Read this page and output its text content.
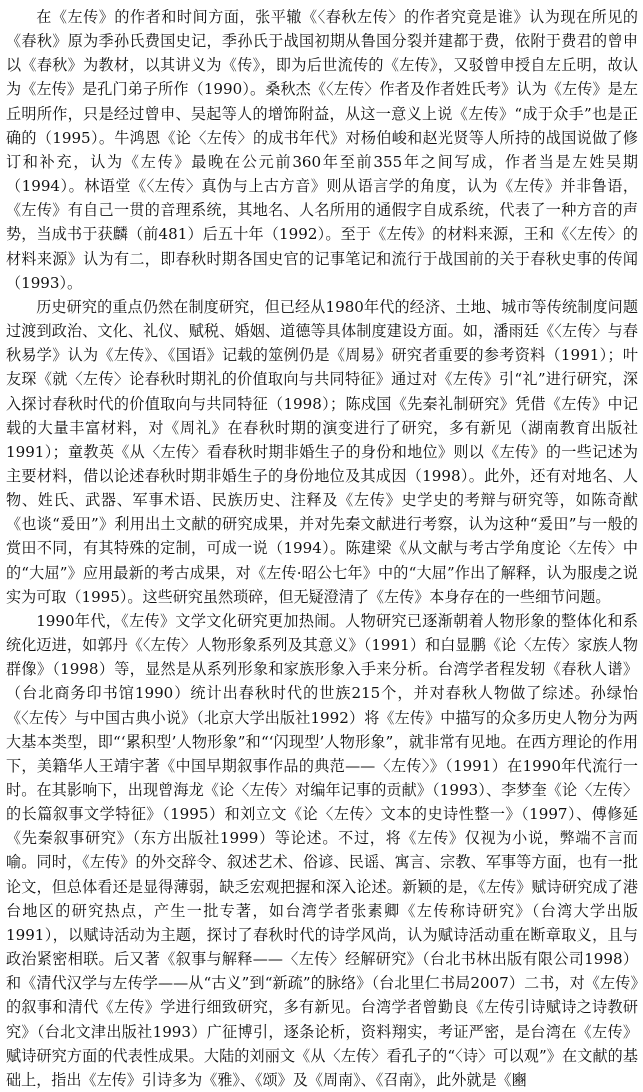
在《左传》的作者和时间方面，张平辙《〈春秋左传〉的作者究竟是谁》认为现在所见的《春秋》原为季孙氏费国史记，季孙氏于战国初期从鲁国分裂并建都于费，依附于费君的曾申以《春秋》为教材，以其讲义为《传》，即为后世流传的《左传》，又驳曾申授自左丘明，故认为《左传》是孔门弟子所作（1990）。桑秋杰《〈左传〉作者及作者姓氏考》认为《左传》是左丘明所作，只是经过曾申、吴起等人的增饰附益，从这一意义上说《左传》“成于众手”也是正确的（1995）。牛鸿恩《论〈左传〉的成书年代》对杨伯峻和赵光贤等人所持的战国说做了修订和补充，认为《左传》最晚在公元前360年至前355年之间写成，作者当是左姓吴期（1994）。林语堂《〈左传〉真伪与上古方音》则从语言学的角度，认为《左传》并非鲁语，《左传》有自己一贯的音理系统，其地名、人名所用的通假字自成系统，代表了一种方音的声势，当成书于获麟（前481）后五十年（1992）。至于《左传》的材料来源，王和《〈左传〉的材料来源》认为有二，即春秋时期各国史官的记事笔记和流行于战国前的关于春秋史事的传闻（1993）。

历史研究的重点仍然在制度研究，但已经从1980年代的经济、土地、城市等传统制度问题过渡到政治、文化、礼仪、赋税、婚姻、道德等具体制度建设方面。如，潘雨廷《〈左传〉与春秋易学》认为《左传》、《国语》记载的筮例仍是《周易》研究者重要的参考资料（1991）；叶友琛《就〈左传〉论春秋时期礼的价值取向与共同特征》通过对《左传》引“礼”进行研究，深入探讨春秋时代的价值取向与共同特征（1998）；陈戍国《先秦礼制研究》凭借《左传》中记载的大量丰富材料，对《周礼》在春秋时期的演变进行了研究，多有新见（湖南教育出版社1991）；童教英《从〈左传〉看春秋时期非婚生子的身份和地位》则以《左传》的一些记述为主要材料，借以论述春秋时期非婚生子的身份地位及其成因（1998）。此外，还有对地名、人物、姓氏、武器、军事术语、民族历史、注释及《左传》史学史的考辩与研究等，如陈奇猷《也谈“爰田”》利用出土文献的研究成果，并对先秦文献进行考察，认为这种“爰田”与一般的赏田不同，有其特殊的定制，可成一说（1994）。陈建梁《从文献与考古学角度论〈左传〉中的“大屈”》应用最新的考古成果，对《左传·昭公七年》中的“大屈”作出了解释，认为服虔之说实为可取（1995）。这些研究虽然琐碎，但无疑澄清了《左传》本身存在的一些细节问题。

1990年代，《左传》文学文化研究更加热闹。人物研究已逐渐朝着人物形象的整体化和系统化迈进，如郭丹《〈左传〉人物形象系列及其意义》（1991）和白显鹏《论〈左传〉家族人物群像》（1998）等，显然是从系列形象和家族形象入手来分析。台湾学者程发轫《春秋人谱》（台北商务印书馆1990）统计出春秋时代的世族215个，并对春秋人物做了综述。孙绿怡《〈左传〉与中国古典小说》（北京大学出版社1992）将《左传》中描写的众多历史人物分为两大基本类型，即“‘累积型’人物形象”和“‘闪现型’人物形象”，就非常有见地。在西方理论的作用下，美籍华人王靖宇著《中国早期叙事作品的典范——〈左传〉》（1991）在1990年代流行一时。在其影响下，出现曾海龙《论〈左传〉对编年记事的贡献》（1993）、李梦奎《论〈左传〉的长篇叙事文学特征》（1995）和刘立文《论〈左传〉文本的史诗性整一》（1997）、傅修延《先秦叙事研究》（东方出版社1999）等论述。不过，将《左传》仅视为小说，弊端不言而喻。同时，《左传》的外交辞令、叙述艺术、俗谚、民谣、寓言、宗教、军事等方面，也有一批论文，但总体看还是显得薄弱，缺乏宏观把握和深入论述。新颖的是，《左传》赋诗研究成了港台地区的研究热点，产生一批专著，如台湾学者张素卿《左传称诗研究》（台湾大学出版1991），以赋诗活动为主题，探讨了春秋时代的诗学风尚，认为赋诗活动重在断章取义，且与政治紧密相联。后又著《叙事与解释——〈左传〉经解研究》（台北书林出版有限公司1998）和《清代汉学与左传学——从“古义”到“新疏”的脉络》（台北里仁书局2007）二书，对《左传》的叙事和清代《左传》学进行细致研究，多有新见。台湾学者曾勤良《左传引诗赋诗之诗教研究》（台北文津出版社1993）广征博引，逐条论析，资料翔实，考证严密，是台湾在《左传》赋诗研究方面的代表性成果。大陆的刘丽文《从〈左传〉看孔子的“〈诗〉可以观”》在文献的基础上，指出《左传》引诗多为《雅》、《颂》及《周南》、《召南》，此外就是《豳
